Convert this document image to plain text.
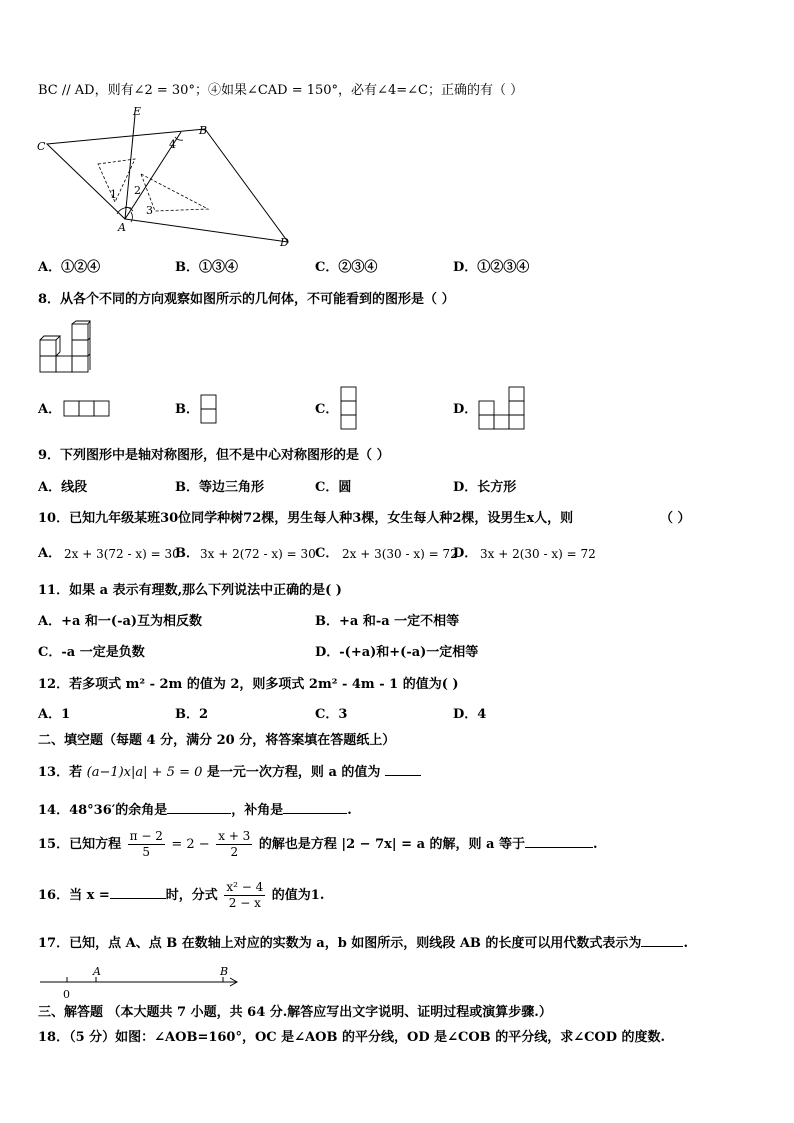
BC // AD，则有∠2 = 30°；④如果∠CAD = 150°，必有∠4=∠C；正确的有（ ）
E
B
C	4
1 2
3
A
D
A．①②④	B．①③④	C．②③④	D．①②③④
8．从各个不同的方向观察如图所示的几何体，不可能看到的图形是（ ）
A．	B．	C．	D．
9．下列图形中是轴对称图形，但不是中心对称图形的是（ ）
A．线段	B．等边三角形	C．圆	D．长方形
10．已知九年级某班30位同学种树72棵，男生每人种3棵，女生每人种2棵，设男生x人，则	（ ）
A． 2x + 3(72 - x) = 30
B． 3x + 2(72 - x) = 30 C． 2x + 3(30 - x) = 72
D． 3x + 2(30 - x) = 72
11．如果 a 表示有理数,那么下列说法中正确的是( )
A．+a 和一(-a)互为相反数	B．+a 和-a 一定不相等
C．-a 一定是负数	D．-(+a)和+(-a)一定相等
12．若多项式 m² - 2m 的值为 2，则多项式 2m² - 4m - 1 的值为( )
A．1	B．2	C．3	D．4
二、填空题（每题 4 分，满分 20 分，将答案填在答题纸上）
13．若 (a−1)x|a| + 5 = 0 是一元一次方程，则 a 的值为
14．48°36′的余角是	，补角是	.
15．已知方程 $\frac{\pi - 2}{5} = 2 - \frac{x + 3}{2}$ 的解也是方程 |2 − 7x| = a 的解，则 a 等于	.
16．当 x =	时，分式 $\frac{\text{x² − 4}}{2 - x}$ 的值为1.
17．已知，点 A、点 B 在数轴上对应的实数为 a，b 如图所示，则线段 AB 的长度可以用代数式表示为	.
A	B
0
三、解答题 （本大题共 7 小题，共 64 分.解答应写出文字说明、证明过程或演算步骤.）
18．（5 分）如图：∠AOB=160°，OC 是∠AOB 的平分线，OD 是∠COB 的平分线，求∠COD 的度数.
